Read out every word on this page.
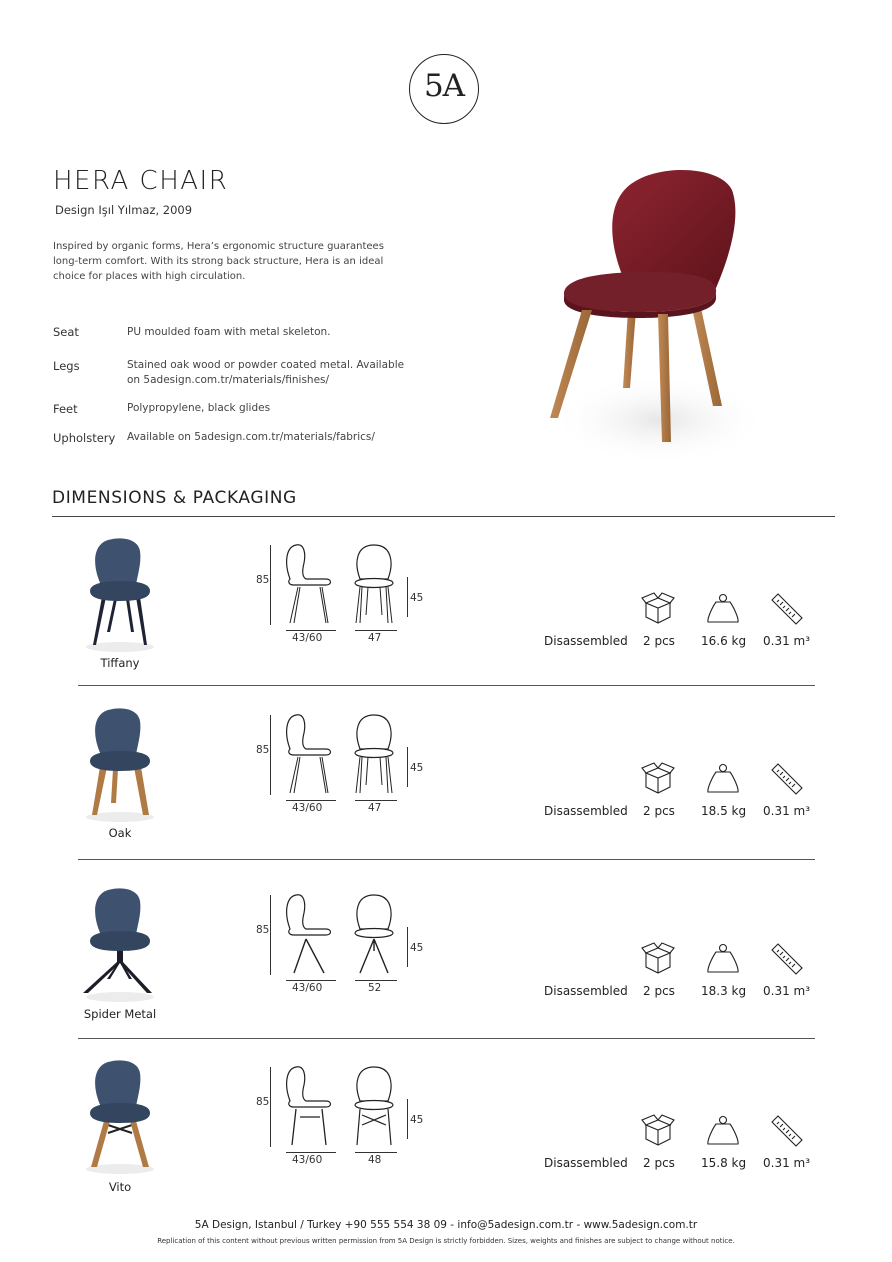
5A
HERA CHAIR
Design Işıl Yılmaz, 2009
Inspired by organic forms, Hera’s ergonomic structure guarantees long-term comfort. With its strong back structure, Hera is an ideal choice for places with high circulation.
Seat	PU moulded foam with metal skeleton.
Legs	Stained oak wood or powder coated metal. Available on 5adesign.com.tr/materials/finishes/
Feet	Polypropylene, black glides
Upholstery Available on 5adesign.com.tr/materials/fabrics/
DIMENSIONS & PACKAGING
85
43/60	47
45
Disassembled 2 pcs 16.6 kg 0.31 m³
Tiffany
85
43/60	47
45
Disassembled 2 pcs 18.5 kg 0.31 m³
Oak
85
43/60	52
45
Disassembled 2 pcs 18.3 kg 0.31 m³
Spider Metal
85
43/60	48
45
Disassembled 2 pcs 15.8 kg 0.31 m³
Vito
5A Design, Istanbul / Turkey +90 555 554 38 09 - info@5adesign.com.tr - www.5adesign.com.tr
Replication of this content without previous written permission from 5A Design is strictly forbidden. Sizes, weights and finishes are subject to change without notice.
